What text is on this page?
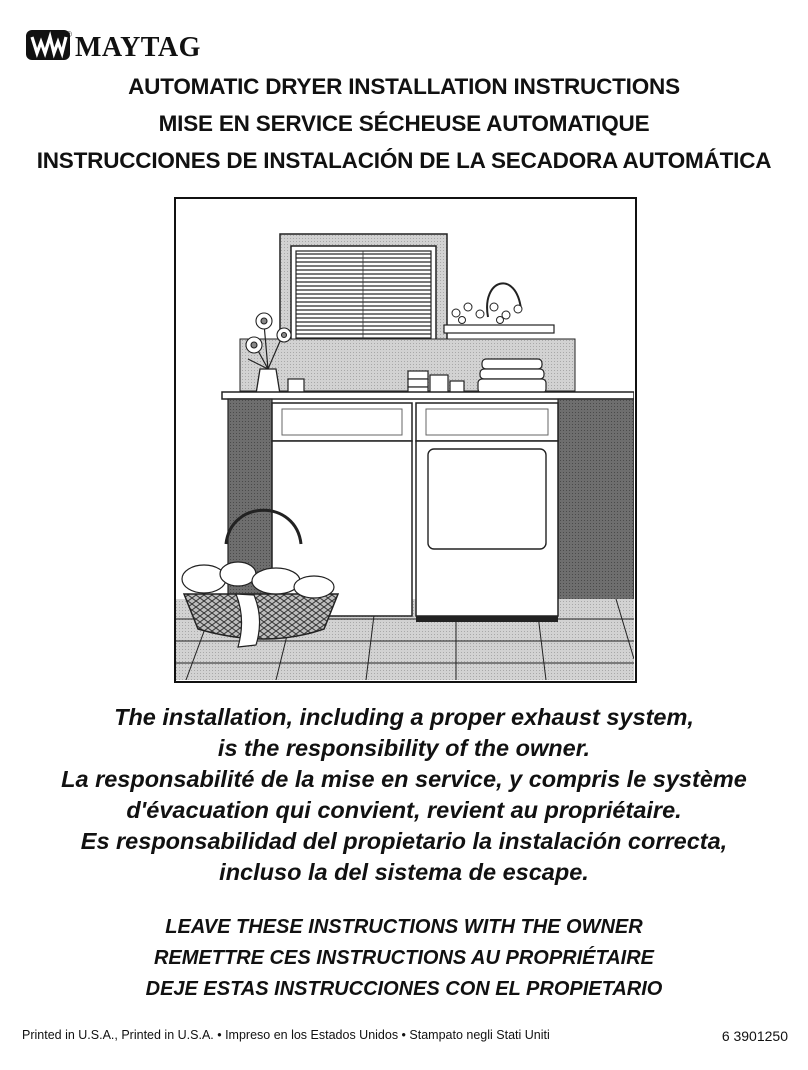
MAYTAG
®
AUTOMATIC DRYER INSTALLATION INSTRUCTIONS
MISE EN SERVICE SÉCHEUSE AUTOMATIQUE
INSTRUCCIONES DE INSTALACIÓN DE LA SECADORA AUTOMÁTICA
The installation, including a proper exhaust system,
is the responsibility of the owner.
La responsabilité de la mise en service, y compris le système
d'évacuation qui convient, revient au propriétaire.
Es responsabilidad del propietario la instalación correcta,
incluso la del sistema de escape.
LEAVE THESE INSTRUCTIONS WITH THE OWNER
REMETTRE CES INSTRUCTIONS AU PROPRIÉTAIRE
DEJE ESTAS INSTRUCCIONES CON EL PROPIETARIO
Printed in U.S.A., Printed in U.S.A. • Impreso en los Estados Unidos • Stampato negli Stati Uniti	6 3901250
